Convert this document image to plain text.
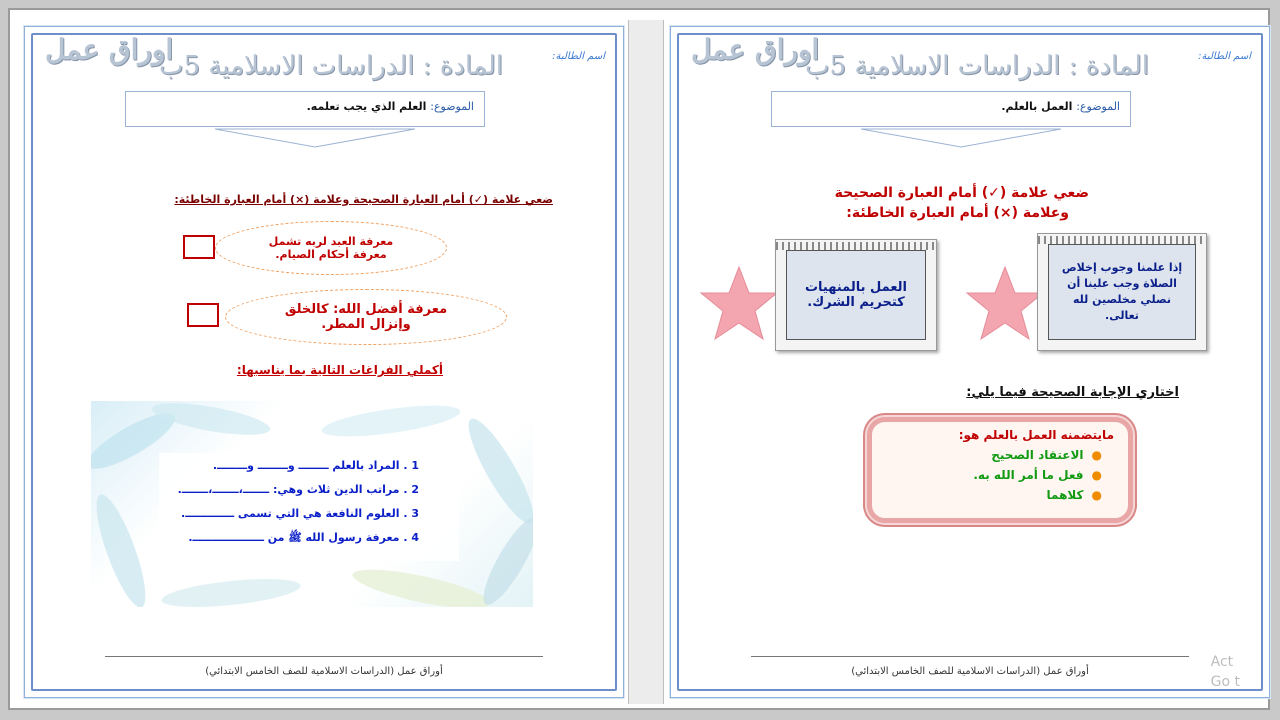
اوراق عمل
المادة : الدراسات الاسلامية 5ب	اسم الطالبة:
الموضوع: العلم الذي يجب تعلمه.
ضعي علامة (✓) أمام العبارة الصحيحة وعلامة (×) أمام العبارة الخاطئة:
معرفة العبد لربه تشمل معرفة أحكام الصيام.
معرفة أفضل الله: كالخلق وإنزال المطر.
أكملي الفراغات التالية بما يناسبها:
1 . المراد بالعلم ــــــــ وــــــــ وــــــــ.
2 . مراتب الدين ثلاث وهي: ـــــــ،ـــــــ،ـــــــ.
3 . العلوم النافعة هي التي تسمى ـــــــــــــ.
4 . معرفة رسول الله ﷺ من ـــــــــــــــــــ.
أوراق عمل (الدراسات الاسلامية للصف الخامس الابتدائي)
اوراق عمل
المادة : الدراسات الاسلامية 5ب	اسم الطالبة:
الموضوع: العمل بالعلم.
ضعي علامة (✓) أمام العبارة الصحيحة
وعلامة (×) أمام العبارة الخاطئة:
العمل بالمنهيات كتحريم الشرك.
إذا علمنا وجوب إخلاص الصلاة وجب علينا أن نصلي مخلصين لله تعالى.
اختاري الإجابة الصحيحة فيما يلي:
مايتضمنه العمل بالعلم هو:
●الاعتقاد الصحيح
●فعل ما أمر الله به.
●كلاهما
أوراق عمل (الدراسات الاسلامية للصف الخامس الابتدائي)
Act
Go t
